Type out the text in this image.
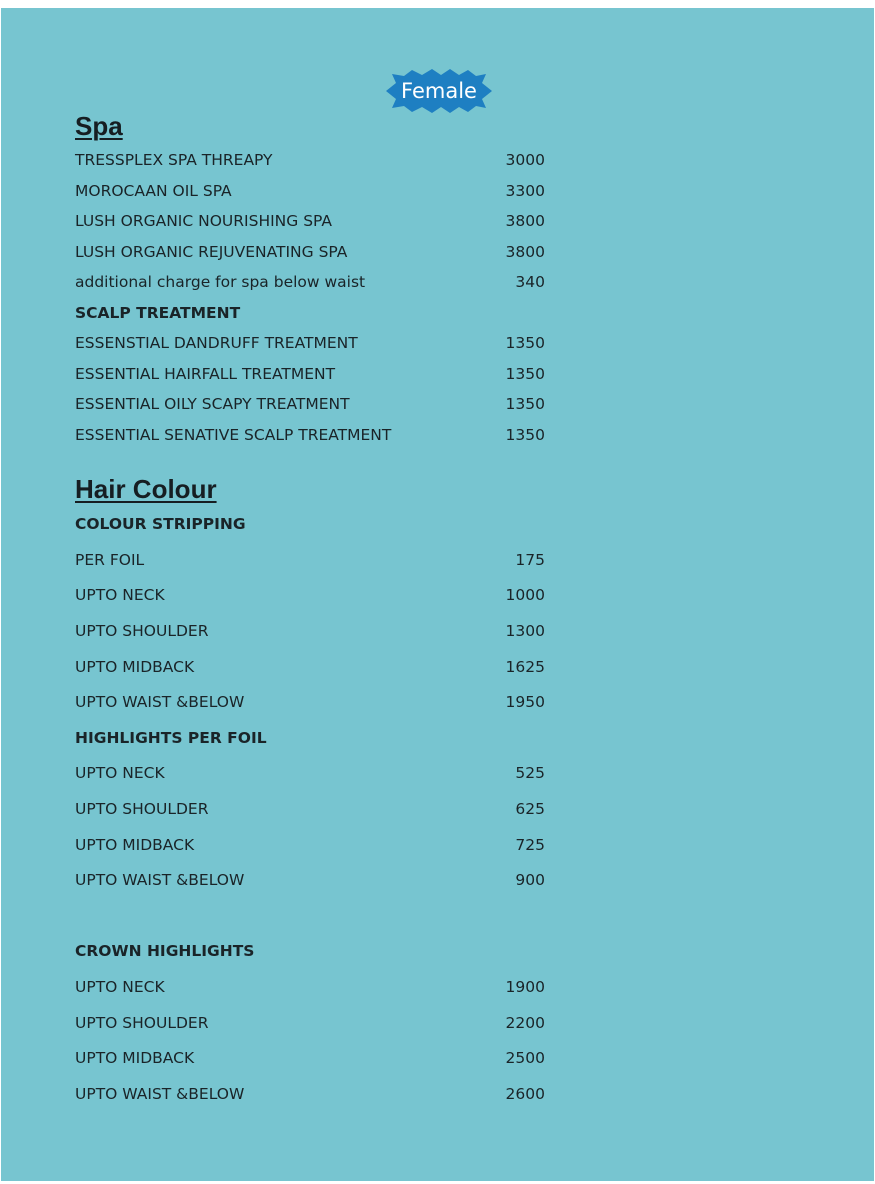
Female
Spa
TRESSPLEX SPA THREAPY	3000
MOROCAAN OIL SPA	3300
LUSH ORGANIC NOURISHING SPA	3800
LUSH ORGANIC REJUVENATING SPA	3800
additional charge for spa below waist	340
SCALP TREATMENT
ESSENSTIAL DANDRUFF TREATMENT	1350
ESSENTIAL HAIRFALL TREATMENT	1350
ESSENTIAL OILY SCAPY TREATMENT	1350
ESSENTIAL SENATIVE SCALP TREATMENT	1350
Hair Colour
COLOUR STRIPPING
PER FOIL	175
UPTO NECK	1000
UPTO SHOULDER	1300
UPTO MIDBACK	1625
UPTO WAIST &BELOW	1950
HIGHLIGHTS PER FOIL
UPTO NECK	525
UPTO SHOULDER	625
UPTO MIDBACK	725
UPTO WAIST &BELOW	900
CROWN HIGHLIGHTS
UPTO NECK	1900
UPTO SHOULDER	2200
UPTO MIDBACK	2500
UPTO WAIST &BELOW	2600
